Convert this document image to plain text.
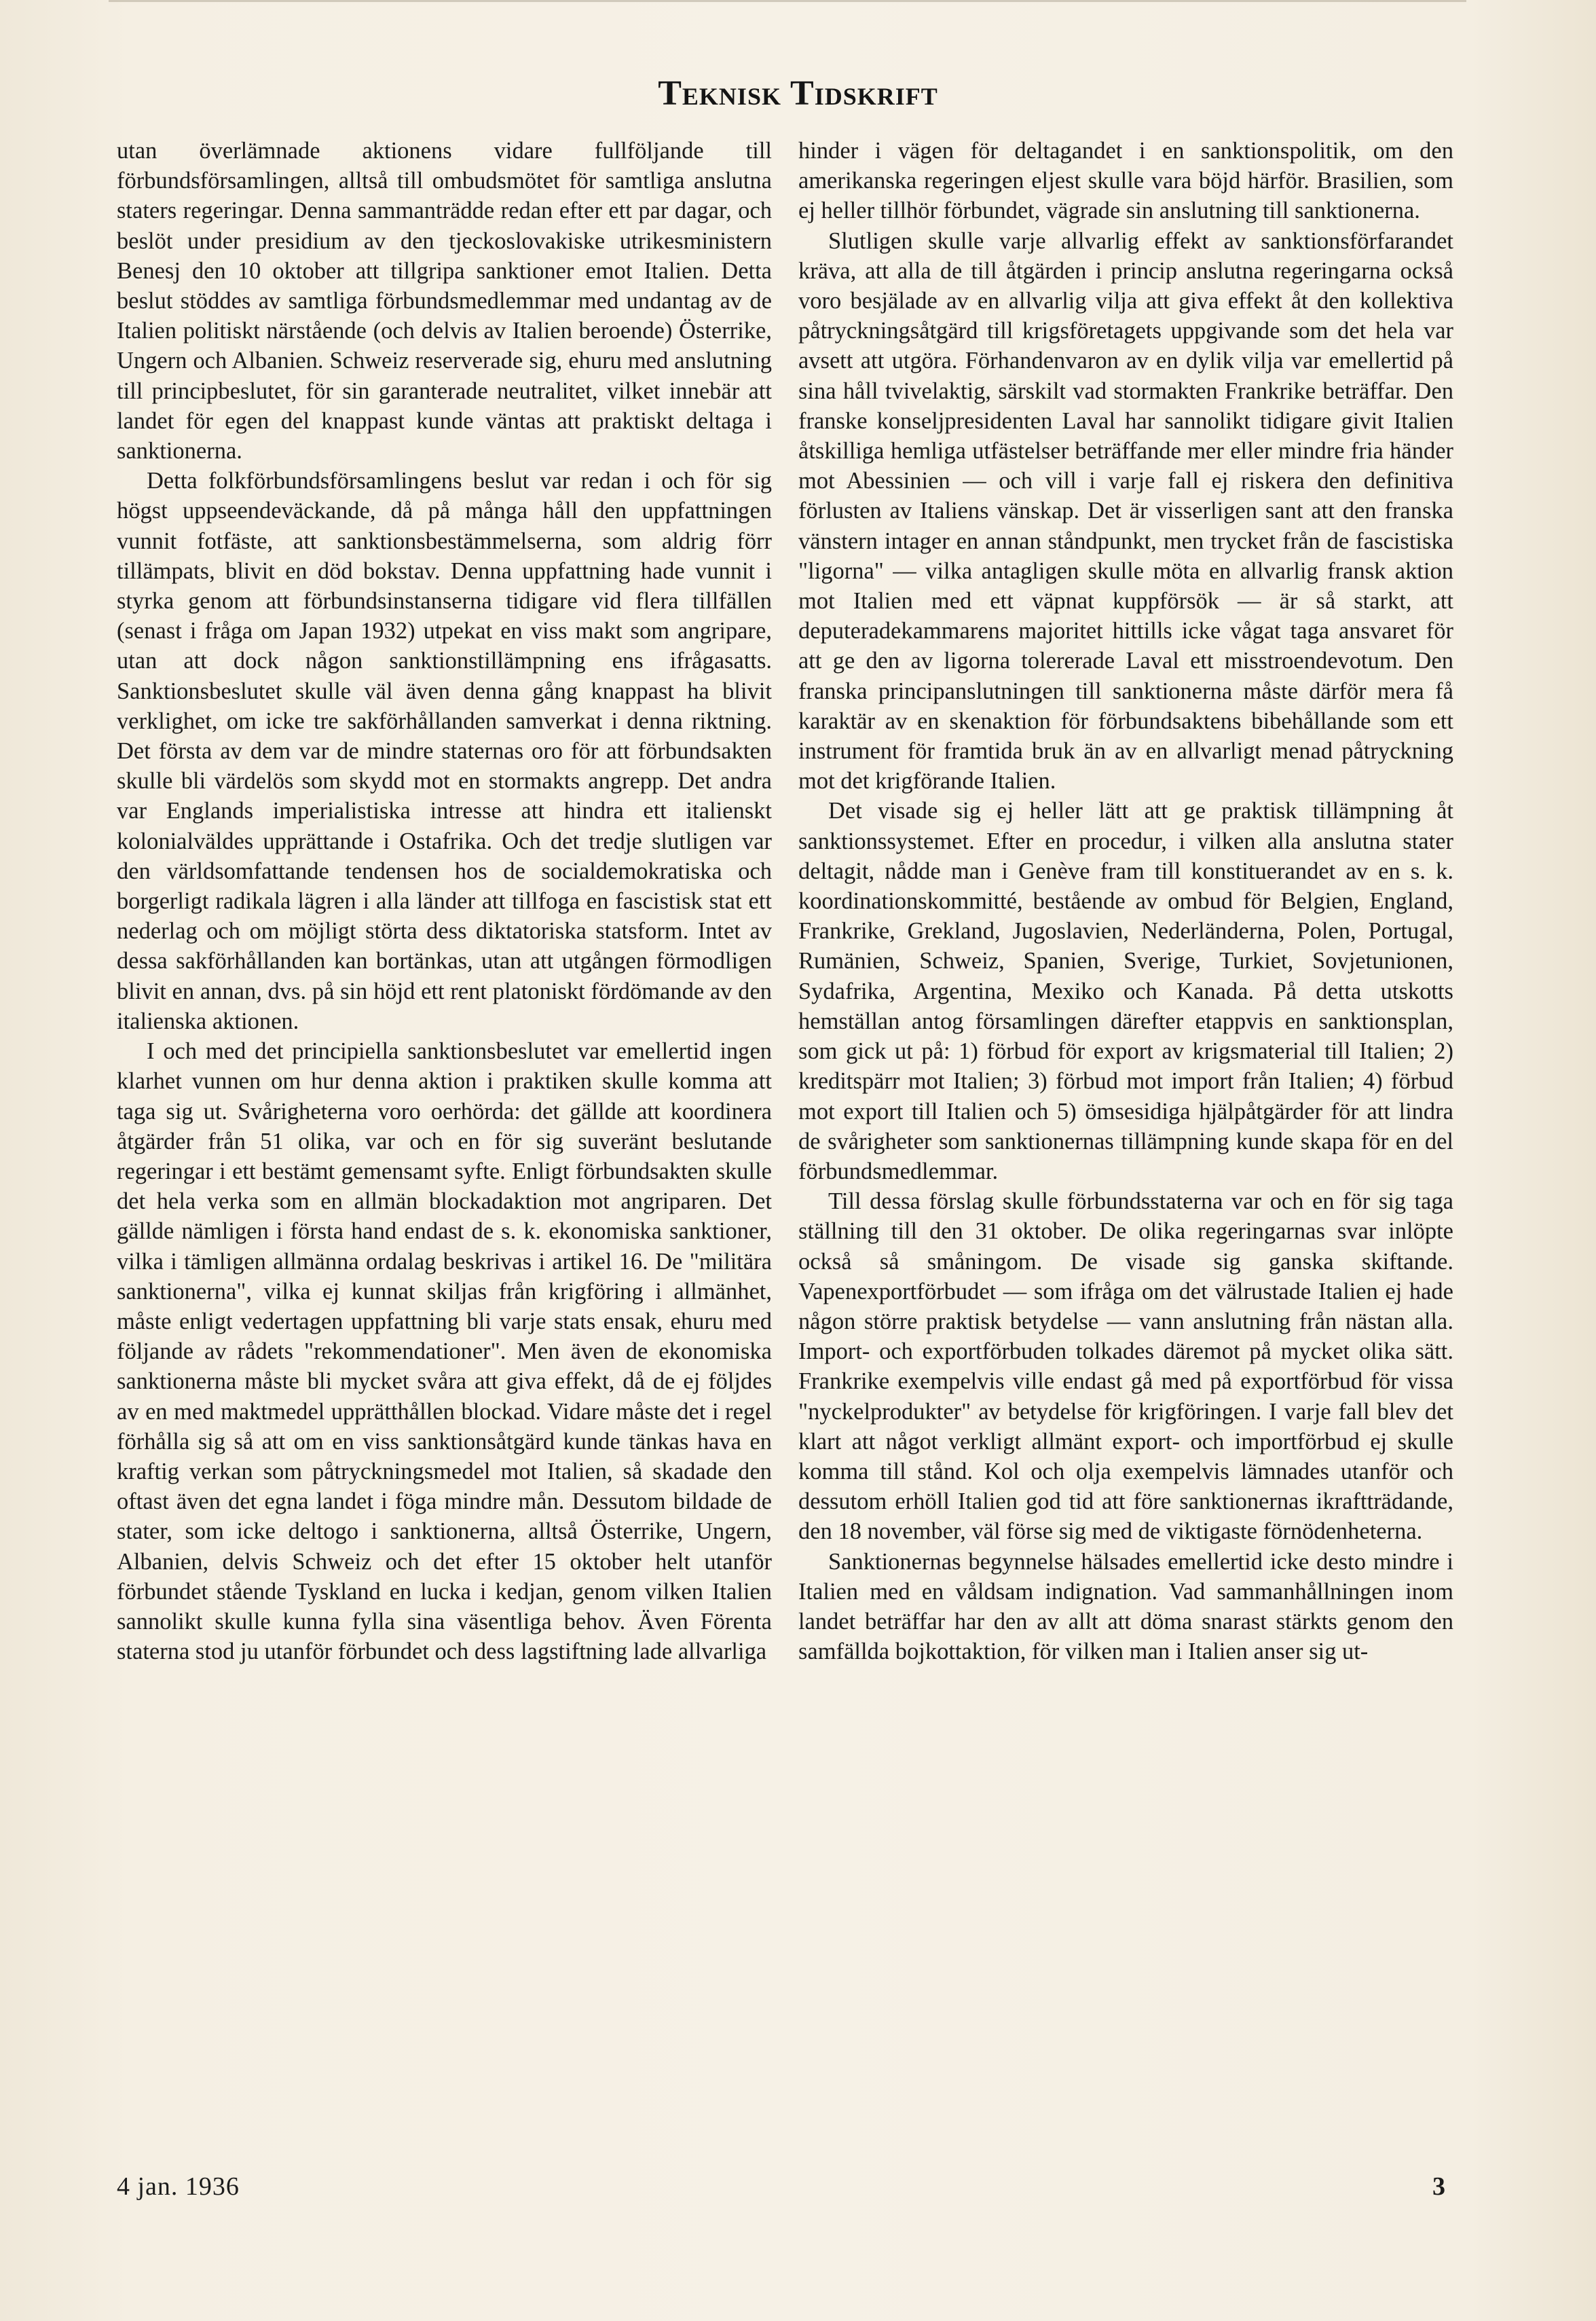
Teknisk Tidskrift

utan överlämnade aktionens vidare fullföljande till förbundsförsamlingen, alltså till ombudsmötet för samtliga anslutna staters regeringar. Denna sammanträdde redan efter ett par dagar, och beslöt under presidium av den tjeckoslovakiske utrikesministern Benesj den 10 oktober att tillgripa sanktioner emot Italien. Detta beslut stöddes av samtliga förbundsmedlemmar med undantag av de Italien politiskt närstående (och delvis av Italien beroende) Österrike, Ungern och Albanien. Schweiz reserverade sig, ehuru med anslutning till principbeslutet, för sin garanterade neutralitet, vilket innebär att landet för egen del knappast kunde väntas att praktiskt deltaga i sanktionerna.

Detta folkförbundsförsamlingens beslut var redan i och för sig högst uppseendeväckande, då på många håll den uppfattningen vunnit fotfäste, att sanktionsbestämmelserna, som aldrig förr tillämpats, blivit en död bokstav. Denna uppfattning hade vunnit i styrka genom att förbundsinstanserna tidigare vid flera tillfällen (senast i fråga om Japan 1932) utpekat en viss makt som angripare, utan att dock någon sanktionstillämpning ens ifrågasatts. Sanktionsbeslutet skulle väl även denna gång knappast ha blivit verklighet, om icke tre sakförhållanden samverkat i denna riktning. Det första av dem var de mindre staternas oro för att förbundsakten skulle bli värdelös som skydd mot en stormakts angrepp. Det andra var Englands imperialistiska intresse att hindra ett italienskt kolonialväldes upprättande i Ostafrika. Och det tredje slutligen var den världsomfattande tendensen hos de socialdemokratiska och borgerligt radikala lägren i alla länder att tillfoga en fascistisk stat ett nederlag och om möjligt störta dess diktatoriska statsform. Intet av dessa sakförhållanden kan bortänkas, utan att utgången förmodligen blivit en annan, dvs. på sin höjd ett rent platoniskt fördömande av den italienska aktionen.

I och med det principiella sanktionsbeslutet var emellertid ingen klarhet vunnen om hur denna aktion i praktiken skulle komma att taga sig ut. Svårigheterna voro oerhörda: det gällde att koordinera åtgärder från 51 olika, var och en för sig suveränt beslutande regeringar i ett bestämt gemensamt syfte. Enligt förbundsakten skulle det hela verka som en allmän blockadaktion mot angriparen. Det gällde nämligen i första hand endast de s. k. ekonomiska sanktioner, vilka i tämligen allmänna ordalag beskrivas i artikel 16. De "militära sanktionerna", vilka ej kunnat skiljas från krigföring i allmänhet, måste enligt vedertagen uppfattning bli varje stats ensak, ehuru med följande av rådets "rekommendationer". Men även de ekonomiska sanktionerna måste bli mycket svåra att giva effekt, då de ej följdes av en med maktmedel upprätthållen blockad. Vidare måste det i regel förhålla sig så att om en viss sanktionsåtgärd kunde tänkas hava en kraftig verkan som påtryckningsmedel mot Italien, så skadade den oftast även det egna landet i föga mindre mån. Dessutom bildade de stater, som icke deltogo i sanktionerna, alltså Österrike, Ungern, Albanien, delvis Schweiz och det efter 15 oktober helt utanför förbundet stående Tyskland en lucka i kedjan, genom vilken Italien sannolikt skulle kunna fylla sina väsentliga behov. Även Förenta staterna stod ju utanför förbundet och dess lagstiftning lade allvarliga

hinder i vägen för deltagandet i en sanktionspolitik, om den amerikanska regeringen eljest skulle vara böjd härför. Brasilien, som ej heller tillhör förbundet, vägrade sin anslutning till sanktionerna.

Slutligen skulle varje allvarlig effekt av sanktionsförfarandet kräva, att alla de till åtgärden i princip anslutna regeringarna också voro besjälade av en allvarlig vilja att giva effekt åt den kollektiva påtryckningsåtgärd till krigsföretagets uppgivande som det hela var avsett att utgöra. Förhandenvaron av en dylik vilja var emellertid på sina håll tvivelaktig, särskilt vad stormakten Frankrike beträffar. Den franske konseljpresidenten Laval har sannolikt tidigare givit Italien åtskilliga hemliga utfästelser beträffande mer eller mindre fria händer mot Abessinien — och vill i varje fall ej riskera den definitiva förlusten av Italiens vänskap. Det är visserligen sant att den franska vänstern intager en annan ståndpunkt, men trycket från de fascistiska "ligorna" — vilka antagligen skulle möta en allvarlig fransk aktion mot Italien med ett väpnat kuppförsök — är så starkt, att deputeradekammarens majoritet hittills icke vågat taga ansvaret för att ge den av ligorna tolererade Laval ett misstroendevotum. Den franska principanslutningen till sanktionerna måste därför mera få karaktär av en skenaktion för förbundsaktens bibehållande som ett instrument för framtida bruk än av en allvarligt menad påtryckning mot det krigförande Italien.

Det visade sig ej heller lätt att ge praktisk tillämpning åt sanktionssystemet. Efter en procedur, i vilken alla anslutna stater deltagit, nådde man i Genève fram till konstituerandet av en s. k. koordinationskommitté, bestående av ombud för Belgien, England, Frankrike, Grekland, Jugoslavien, Nederländerna, Polen, Portugal, Rumänien, Schweiz, Spanien, Sverige, Turkiet, Sovjetunionen, Sydafrika, Argentina, Mexiko och Kanada. På detta utskotts hemställan antog församlingen därefter etappvis en sanktionsplan, som gick ut på: 1) förbud för export av krigsmaterial till Italien; 2) kreditspärr mot Italien; 3) förbud mot import från Italien; 4) förbud mot export till Italien och 5) ömsesidiga hjälpåtgärder för att lindra de svårigheter som sanktionernas tillämpning kunde skapa för en del förbundsmedlemmar.

Till dessa förslag skulle förbundsstaterna var och en för sig taga ställning till den 31 oktober. De olika regeringarnas svar inlöpte också så småningom. De visade sig ganska skiftande. Vapenexportförbudet — som ifråga om det välrustade Italien ej hade någon större praktisk betydelse — vann anslutning från nästan alla. Import- och exportförbuden tolkades däremot på mycket olika sätt. Frankrike exempelvis ville endast gå med på exportförbud för vissa "nyckelprodukter" av betydelse för krigföringen. I varje fall blev det klart att något verkligt allmänt export- och importförbud ej skulle komma till stånd. Kol och olja exempelvis lämnades utanför och dessutom erhöll Italien god tid att före sanktionernas ikraftträdande, den 18 november, väl förse sig med de viktigaste förnödenheterna.

Sanktionernas begynnelse hälsades emellertid icke desto mindre i Italien med en våldsam indignation. Vad sammanhållningen inom landet beträffar har den av allt att döma snarast stärkts genom den samfällda bojkottaktion, för vilken man i Italien anser sig ut-

4 jan. 1936	3
